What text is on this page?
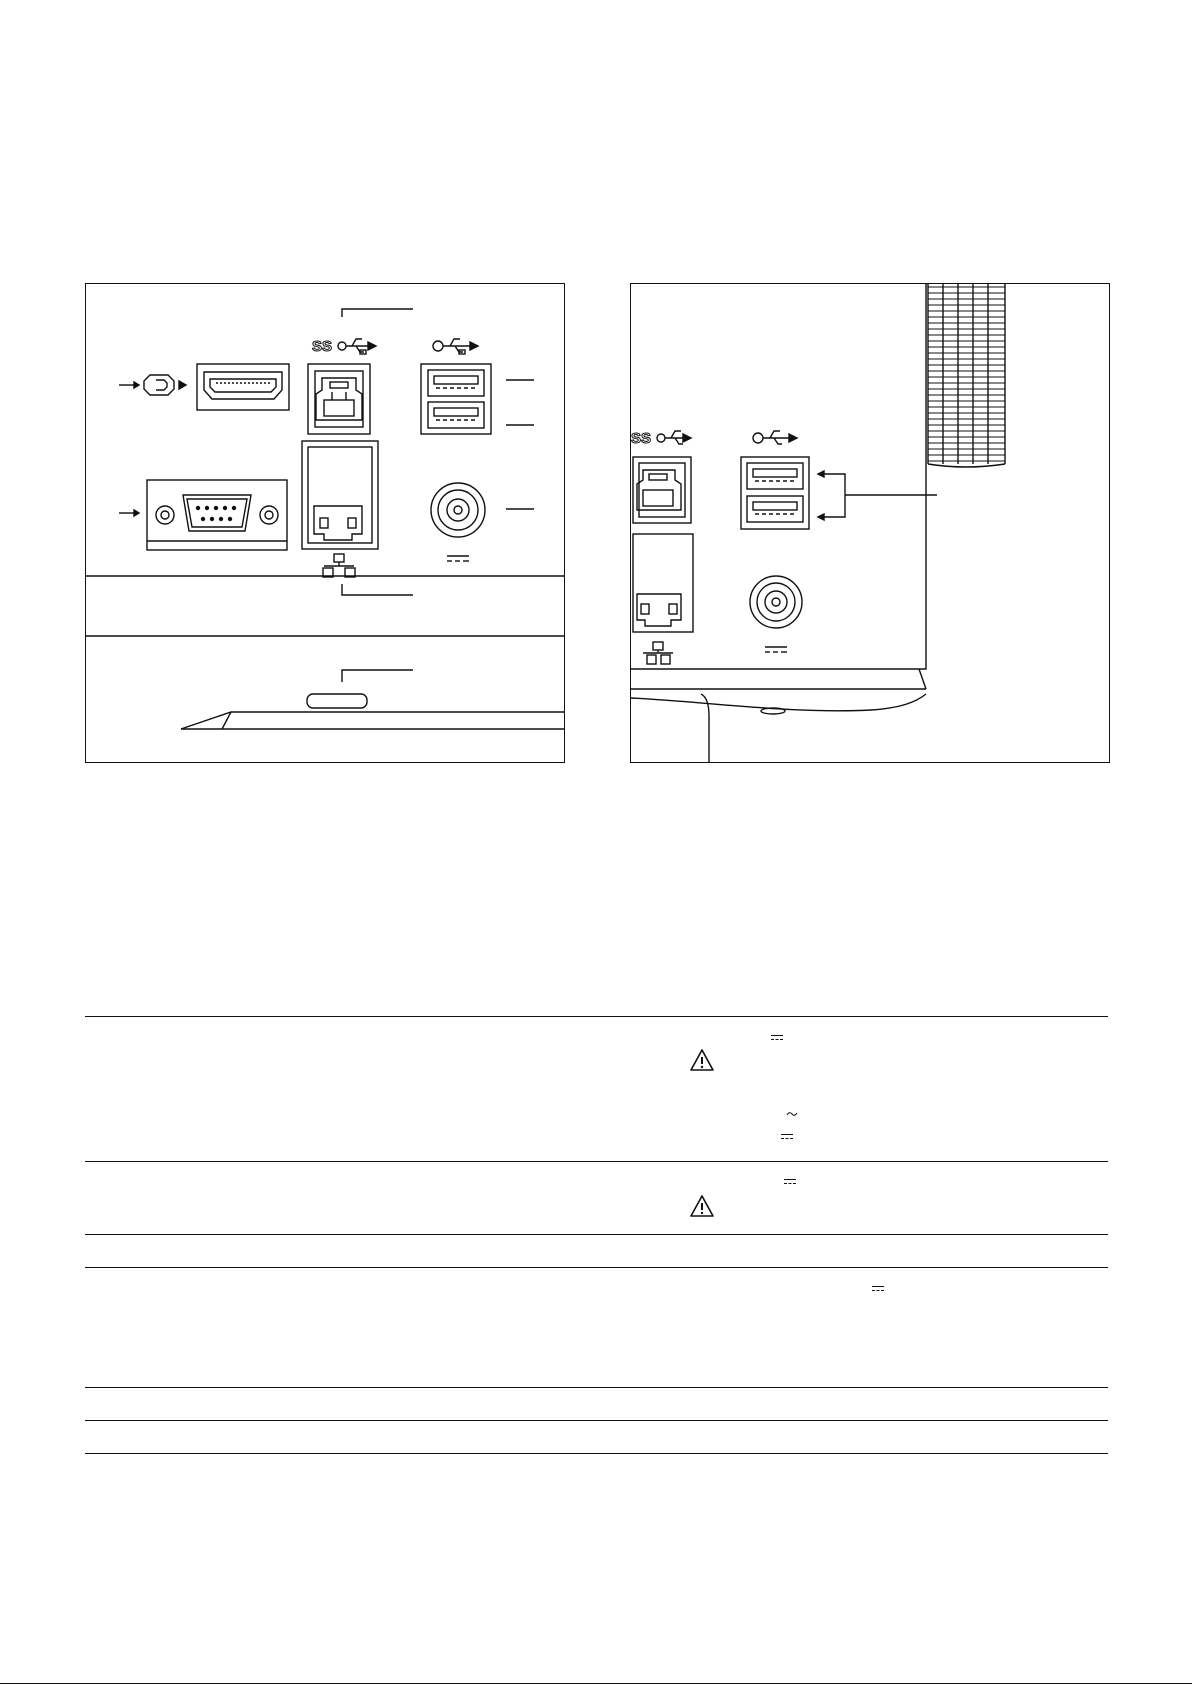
SS
SS
